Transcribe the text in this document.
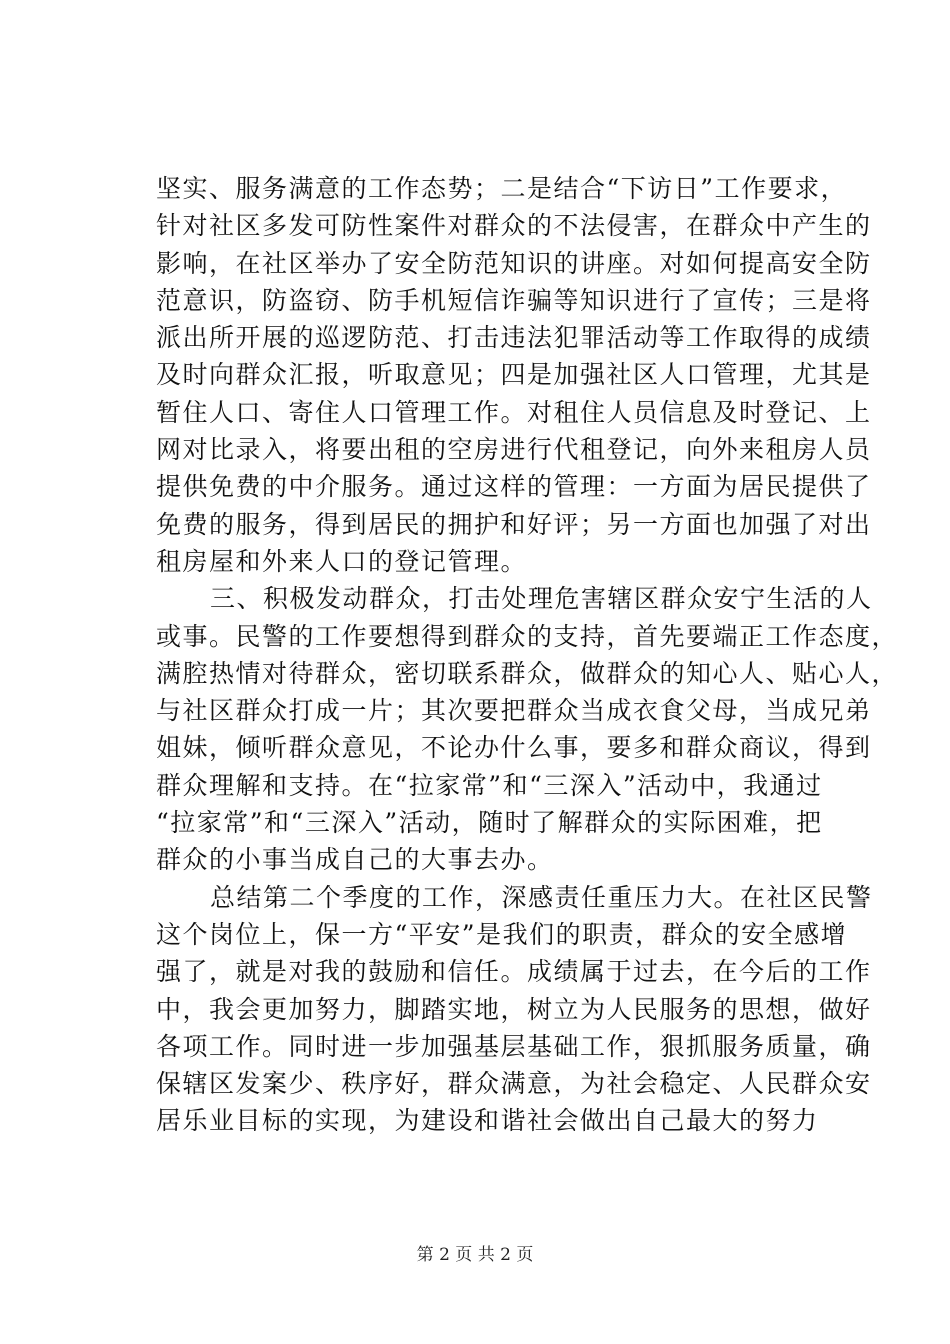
坚实、服务满意的工作态势；二是结合“下访日”工作要求，
针对社区多发可防性案件对群众的不法侵害，在群众中产生的
影响，在社区举办了安全防范知识的讲座。对如何提高安全防
范意识，防盗窃、防手机短信诈骗等知识进行了宣传；三是将
派出所开展的巡逻防范、打击违法犯罪活动等工作取得的成绩
及时向群众汇报，听取意见；四是加强社区人口管理，尤其是
暂住人口、寄住人口管理工作。对租住人员信息及时登记、上
网对比录入，将要出租的空房进行代租登记，向外来租房人员
提供免费的中介服务。通过这样的管理：一方面为居民提供了
免费的服务，得到居民的拥护和好评；另一方面也加强了对出
租房屋和外来人口的登记管理。
三、积极发动群众，打击处理危害辖区群众安宁生活的人
或事。民警的工作要想得到群众的支持，首先要端正工作态度，
满腔热情对待群众，密切联系群众，做群众的知心人、贴心人，
与社区群众打成一片；其次要把群众当成衣食父母，当成兄弟
姐妹，倾听群众意见，不论办什么事，要多和群众商议，得到
群众理解和支持。在“拉家常”和“三深入”活动中，我通过
“拉家常”和“三深入”活动，随时了解群众的实际困难，把
群众的小事当成自己的大事去办。
总结第二个季度的工作，深感责任重压力大。在社区民警
这个岗位上，保一方“平安”是我们的职责，群众的安全感增
强了，就是对我的鼓励和信任。成绩属于过去，在今后的工作
中，我会更加努力，脚踏实地，树立为人民服务的思想，做好
各项工作。同时进一步加强基层基础工作，狠抓服务质量，确
保辖区发案少、秩序好，群众满意，为社会稳定、人民群众安
居乐业目标的实现，为建设和谐社会做出自己最大的努力
第 2 页 共 2 页
